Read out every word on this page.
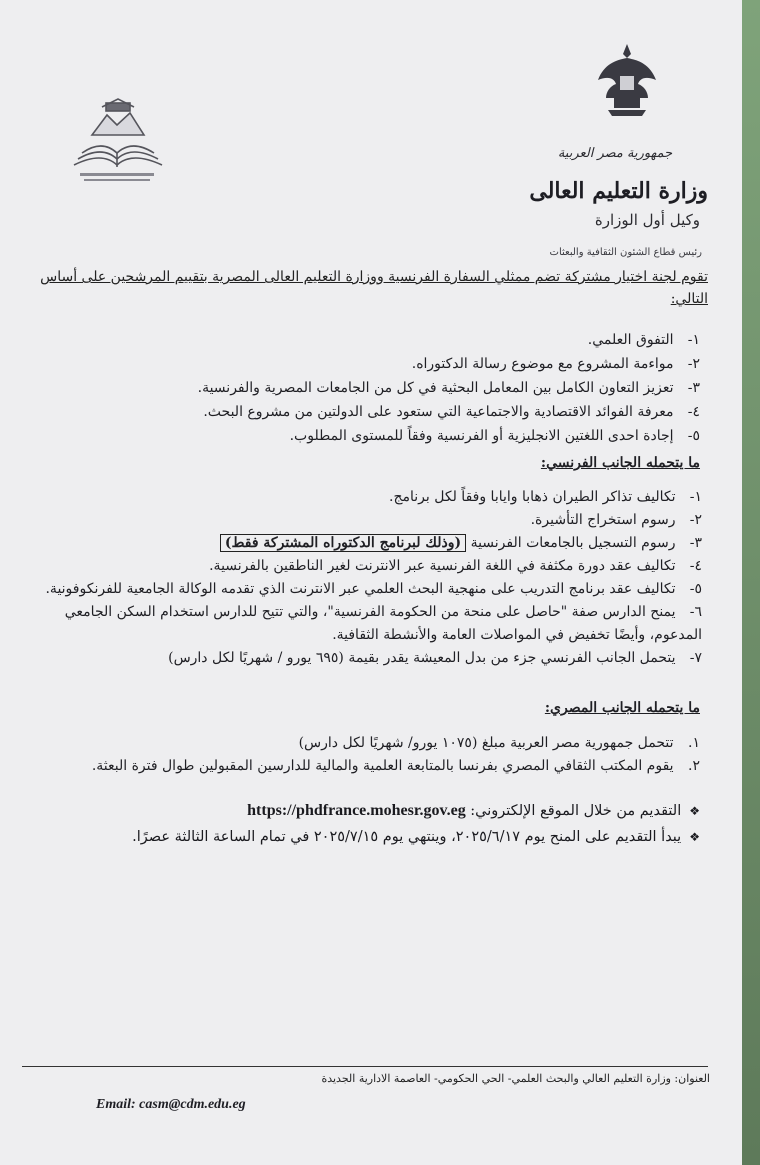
جمهورية مصر العربية
وزارة التعليم العالى
وكيل أول الوزارة
رئيس قطاع الشئون الثقافية والبعثات
تقوم لجنة اختيار مشتركة تضم ممثلي السفارة الفرنسية ووزارة التعليم العالى المصرية بتقييم المرشحين على أساس التالي:
١- التفوق العلمي.
٢- مواءمة المشروع مع موضوع رسالة الدكتوراه.
٣- تعزيز التعاون الكامل بين المعامل البحثية في كل من الجامعات المصرية والفرنسية.
٤- معرفة الفوائد الاقتصادية والاجتماعية التي ستعود على الدولتين من مشروع البحث.
٥- إجادة احدى اللغتين الانجليزية أو الفرنسية وفقاً للمستوى المطلوب.
ما يتحمله الجانب الفرنسي:
١- تكاليف تذاكر الطيران ذهابا وايابا وفقاً لكل برنامج.
٢- رسوم استخراج التأشيرة.
٣- رسوم التسجيل بالجامعات الفرنسية (وذلك لبرنامج الدكتوراه المشتركة فقط)
٤- تكاليف عقد دورة مكثفة في اللغة الفرنسية عبر الانترنت لغير الناطقين بالفرنسية.
٥- تكاليف عقد برنامج التدريب على منهجية البحث العلمي عبر الانترنت الذي تقدمه الوكالة الجامعية للفرنكوفونية.
٦- يمنح الدارس صفة "حاصل على منحة من الحكومة الفرنسية"، والتي تتيح للدارس استخدام السكن الجامعي المدعوم، وأيضًا تخفيض في المواصلات العامة والأنشطة الثقافية.
٧- يتحمل الجانب الفرنسي جزء من بدل المعيشة يقدر بقيمة (٦٩٥ يورو / شهريًا لكل دارس)
ما يتحمله الجانب المصري:
١. تتحمل جمهورية مصر العربية مبلغ (١٠٧٥ يورو/ شهريًا لكل دارس)
٢. يقوم المكتب الثقافي المصري بفرنسا بالمتابعة العلمية والمالية للدارسين المقبولين طوال فترة البعثة.
❖التقديم من خلال الموقع الإلكتروني: https://phdfrance.mohesr.gov.eg
❖يبدأ التقديم على المنح يوم ٢٠٢٥/٦/١٧، وينتهي يوم ٢٠٢٥/٧/١٥ في تمام الساعة الثالثة عصرًا.
العنوان: وزارة التعليم العالي والبحث العلمي- الحي الحكومي- العاصمة الادارية الجديدة
Email: casm@cdm.edu.eg
